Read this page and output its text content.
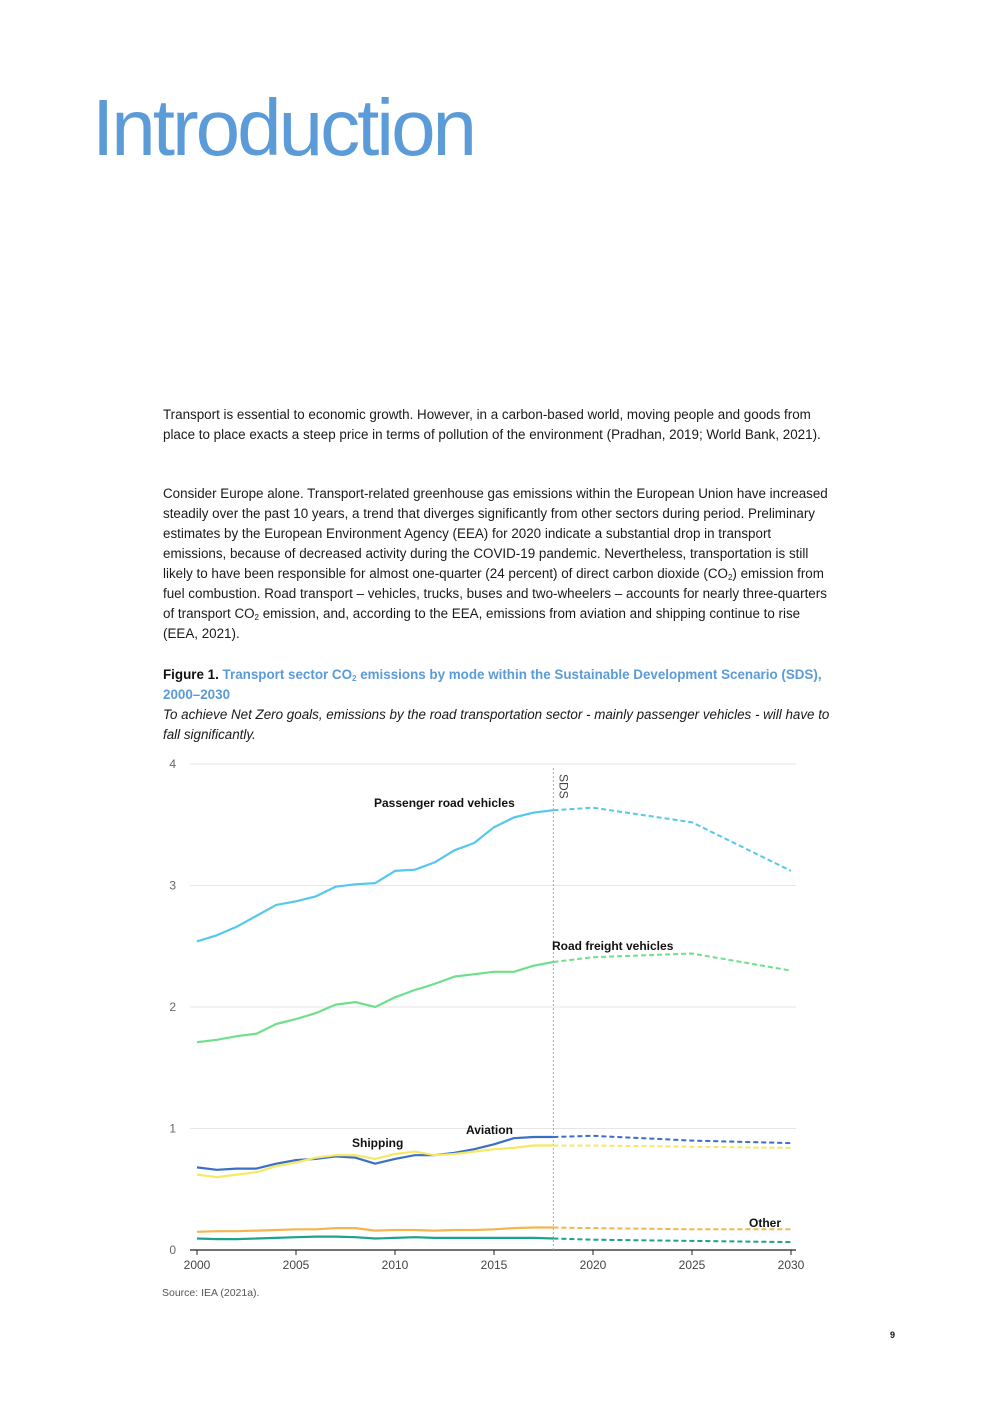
Introduction

Transport is essential to economic growth. However, in a carbon-based world, moving people and goods from place to place exacts a steep price in terms of pollution of the environment (Pradhan, 2019; World Bank, 2021).

Consider Europe alone. Transport-related greenhouse gas emissions within the European Union have increased steadily over the past 10 years, a trend that diverges significantly from other sectors during period. Preliminary estimates by the European Environment Agency (EEA) for 2020 indicate a substantial drop in transport emissions, because of decreased activity during the COVID-19 pandemic. Nevertheless, transportation is still likely to have been responsible for almost one-quarter (24 percent) of direct carbon dioxide $(CO_2)$ emission from fuel combustion. Road transport – vehicles, trucks, buses and two-wheelers – accounts for nearly three-quarters of transport $CO_2$ emission, and, according to the EEA, emissions from aviation and shipping continue to rise (EEA, 2021).

Figure 1. Transport sector $CO_2$ emissions by mode within the Sustainable Development Scenario (SDS), 2000–2030

To achieve Net Zero goals, emissions by the road transportation sector - mainly passenger vehicles - will have to fall significantly.

0
1
2
3
4
2000	2005	2010	2015	2020	2025	2030
SDS
Passenger road vehicles
Road freight vehicles
Aviation
Shipping
Other
Source: IEA (2021a).
9
